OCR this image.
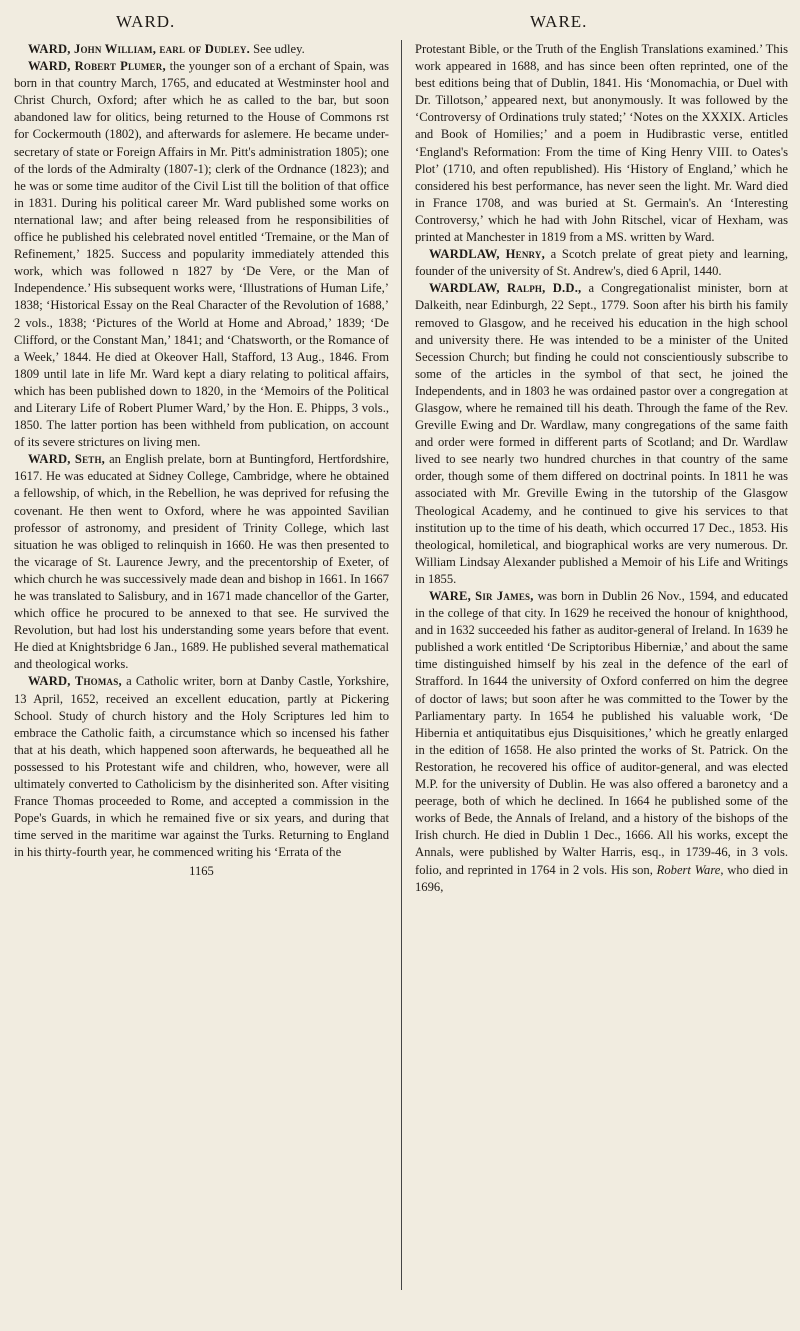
WARD.	WARE.

WARD, John William, earl of Dudley. See udley.

WARD, Robert Plumer, the younger son of a erchant of Spain, was born in that country March, 1765, and educated at Westminster hool and Christ Church, Oxford; after which he as called to the bar, but soon abandoned law for olitics, being returned to the House of Commons rst for Cockermouth (1802), and afterwards for aslemere. He became under-secretary of state or Foreign Affairs in Mr. Pitt's administration 1805); one of the lords of the Admiralty (1807-1); clerk of the Ordnance (1823); and he was or some time auditor of the Civil List till the bolition of that office in 1831. During his political career Mr. Ward published some works on nternational law; and after being released from he responsibilities of office he published his celebrated novel entitled ‘Tremaine, or the Man of Refinement,’ 1825. Success and popularity immediately attended this work, which was followed n 1827 by ‘De Vere, or the Man of Independence.’ His subsequent works were, ‘Illustrations of Human Life,’ 1838; ‘Historical Essay on the Real Character of the Revolution of 1688,’ 2 vols., 1838; ‘Pictures of the World at Home and Abroad,’ 1839; ‘De Clifford, or the Constant Man,’ 1841; and ‘Chatsworth, or the Romance of a Week,’ 1844. He died at Okeover Hall, Stafford, 13 Aug., 1846. From 1809 until late in life Mr. Ward kept a diary relating to political affairs, which has been published down to 1820, in the ‘Memoirs of the Political and Literary Life of Robert Plumer Ward,’ by the Hon. E. Phipps, 3 vols., 1850. The latter portion has been withheld from publication, on account of its severe strictures on living men.

WARD, Seth, an English prelate, born at Buntingford, Hertfordshire, 1617. He was educated at Sidney College, Cambridge, where he obtained a fellowship, of which, in the Rebellion, he was deprived for refusing the covenant. He then went to Oxford, where he was appointed Savilian professor of astronomy, and president of Trinity College, which last situation he was obliged to relinquish in 1660. He was then presented to the vicarage of St. Laurence Jewry, and the precentorship of Exeter, of which church he was successively made dean and bishop in 1661. In 1667 he was translated to Salisbury, and in 1671 made chancellor of the Garter, which office he procured to be annexed to that see. He survived the Revolution, but had lost his understanding some years before that event. He died at Knightsbridge 6 Jan., 1689. He published several mathematical and theological works.

WARD, Thomas, a Catholic writer, born at Danby Castle, Yorkshire, 13 April, 1652, received an excellent education, partly at Pickering School. Study of church history and the Holy Scriptures led him to embrace the Catholic faith, a circumstance which so incensed his father that at his death, which happened soon afterwards, he bequeathed all he possessed to his Protestant wife and children, who, however, were all ultimately converted to Catholicism by the disinherited son. After visiting France Thomas proceeded to Rome, and accepted a commission in the Pope's Guards, in which he remained five or six years, and during that time served in the maritime war against the Turks. Returning to England in his thirty-fourth year, he commenced writing his ‘Errata of the

1165

Protestant Bible, or the Truth of the English Translations examined.’ This work appeared in 1688, and has since been often reprinted, one of the best editions being that of Dublin, 1841. His ‘Monomachia, or Duel with Dr. Tillotson,’ appeared next, but anonymously. It was followed by the ‘Controversy of Ordinations truly stated;’ ‘Notes on the XXXIX. Articles and Book of Homilies;’ and a poem in Hudibrastic verse, entitled ‘England's Reformation: From the time of King Henry VIII. to Oates's Plot’ (1710, and often republished). His ‘History of England,’ which he considered his best performance, has never seen the light. Mr. Ward died in France 1708, and was buried at St. Germain's. An ‘Interesting Controversy,’ which he had with John Ritschel, vicar of Hexham, was printed at Manchester in 1819 from a MS. written by Ward.

WARDLAW, Henry, a Scotch prelate of great piety and learning, founder of the university of St. Andrew's, died 6 April, 1440.

WARDLAW, Ralph, D.D., a Congregationalist minister, born at Dalkeith, near Edinburgh, 22 Sept., 1779. Soon after his birth his family removed to Glasgow, and he received his education in the high school and university there. He was intended to be a minister of the United Secession Church; but finding he could not conscientiously subscribe to some of the articles in the symbol of that sect, he joined the Independents, and in 1803 he was ordained pastor over a congregation at Glasgow, where he remained till his death. Through the fame of the Rev. Greville Ewing and Dr. Wardlaw, many congregations of the same faith and order were formed in different parts of Scotland; and Dr. Wardlaw lived to see nearly two hundred churches in that country of the same order, though some of them differed on doctrinal points. In 1811 he was associated with Mr. Greville Ewing in the tutorship of the Glasgow Theological Academy, and he continued to give his services to that institution up to the time of his death, which occurred 17 Dec., 1853. His theological, homiletical, and biographical works are very numerous. Dr. William Lindsay Alexander published a Memoir of his Life and Writings in 1855.

WARE, Sir James, was born in Dublin 26 Nov., 1594, and educated in the college of that city. In 1629 he received the honour of knighthood, and in 1632 succeeded his father as auditor-general of Ireland. In 1639 he published a work entitled ‘De Scriptoribus Hiberniæ,’ and about the same time distinguished himself by his zeal in the defence of the earl of Strafford. In 1644 the university of Oxford conferred on him the degree of doctor of laws; but soon after he was committed to the Tower by the Parliamentary party. In 1654 he published his valuable work, ‘De Hibernia et antiquitatibus ejus Disquisitiones,’ which he greatly enlarged in the edition of 1658. He also printed the works of St. Patrick. On the Restoration, he recovered his office of auditor-general, and was elected M.P. for the university of Dublin. He was also offered a baronetcy and a peerage, both of which he declined. In 1664 he published some of the works of Bede, the Annals of Ireland, and a history of the bishops of the Irish church. He died in Dublin 1 Dec., 1666. All his works, except the Annals, were published by Walter Harris, esq., in 1739-46, in 3 vols. folio, and reprinted in 1764 in 2 vols. His son, Robert Ware, who died in 1696,
